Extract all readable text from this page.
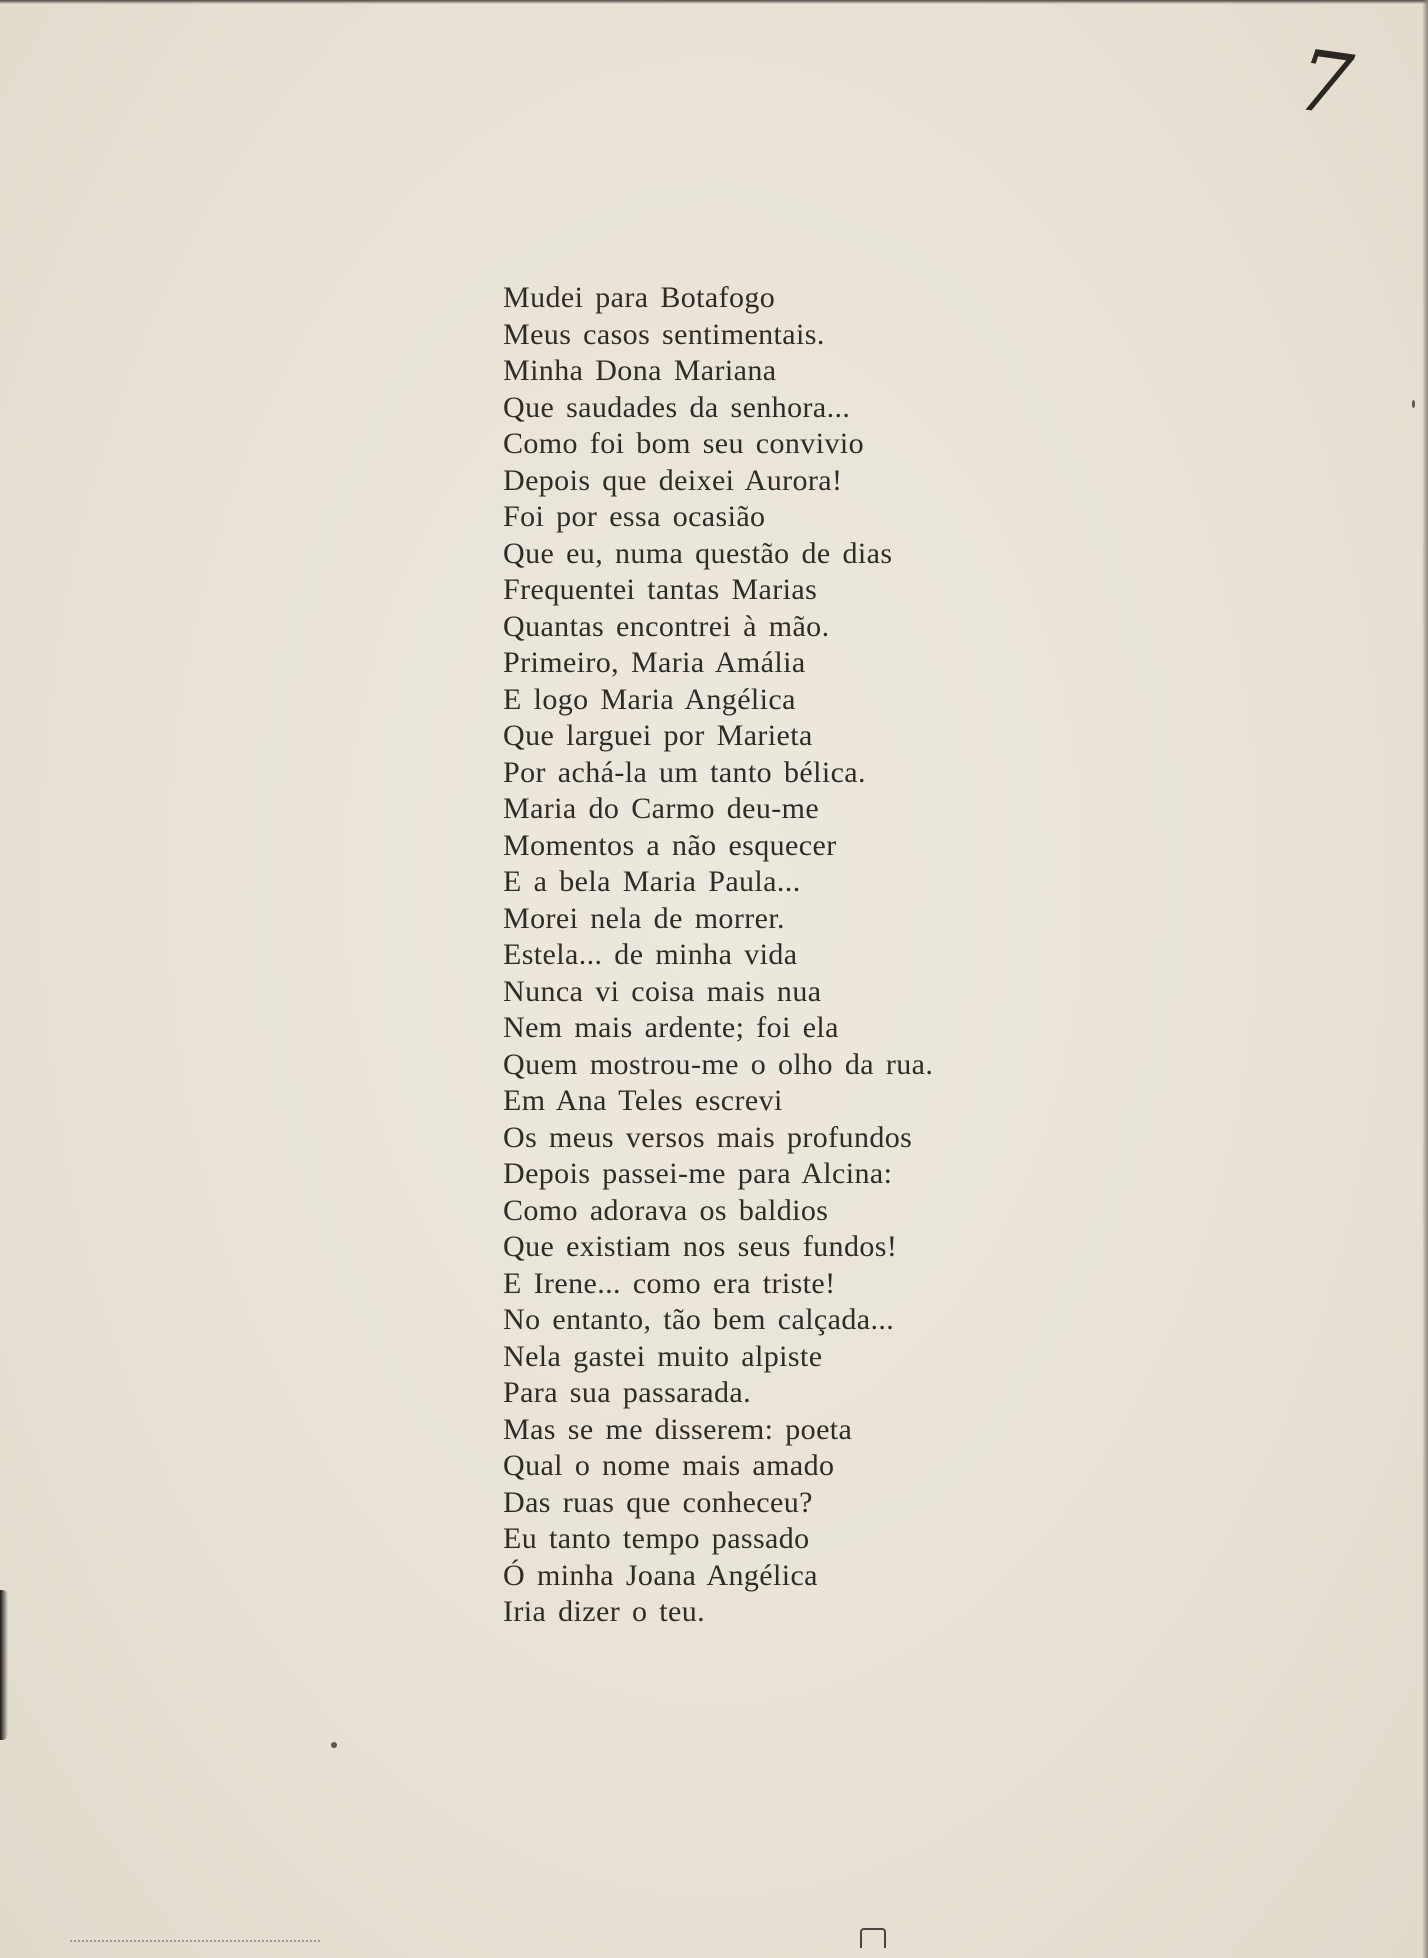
7
Mudei para Botafogo
Meus casos sentimentais.
Minha Dona Mariana
Que saudades da senhora...
Como foi bom seu convivio
Depois que deixei Aurora!
Foi por essa ocasião
Que eu, numa questão de dias
Frequentei tantas Marias
Quantas encontrei à mão.
Primeiro, Maria Amália
E logo Maria Angélica
Que larguei por Marieta
Por achá-la um tanto bélica.
Maria do Carmo deu-me
Momentos a não esquecer
E a bela Maria Paula...
Morei nela de morrer.
Estela... de minha vida
Nunca vi coisa mais nua
Nem mais ardente; foi ela
Quem mostrou-me o olho da rua.
Em Ana Teles escrevi
Os meus versos mais profundos
Depois passei-me para Alcina:
Como adorava os baldios
Que existiam nos seus fundos!
E Irene... como era triste!
No entanto, tão bem calçada...
Nela gastei muito alpiste
Para sua passarada.
Mas se me disserem: poeta
Qual o nome mais amado
Das ruas que conheceu?
Eu tanto tempo passado
Ó minha Joana Angélica
Iria dizer o teu.
